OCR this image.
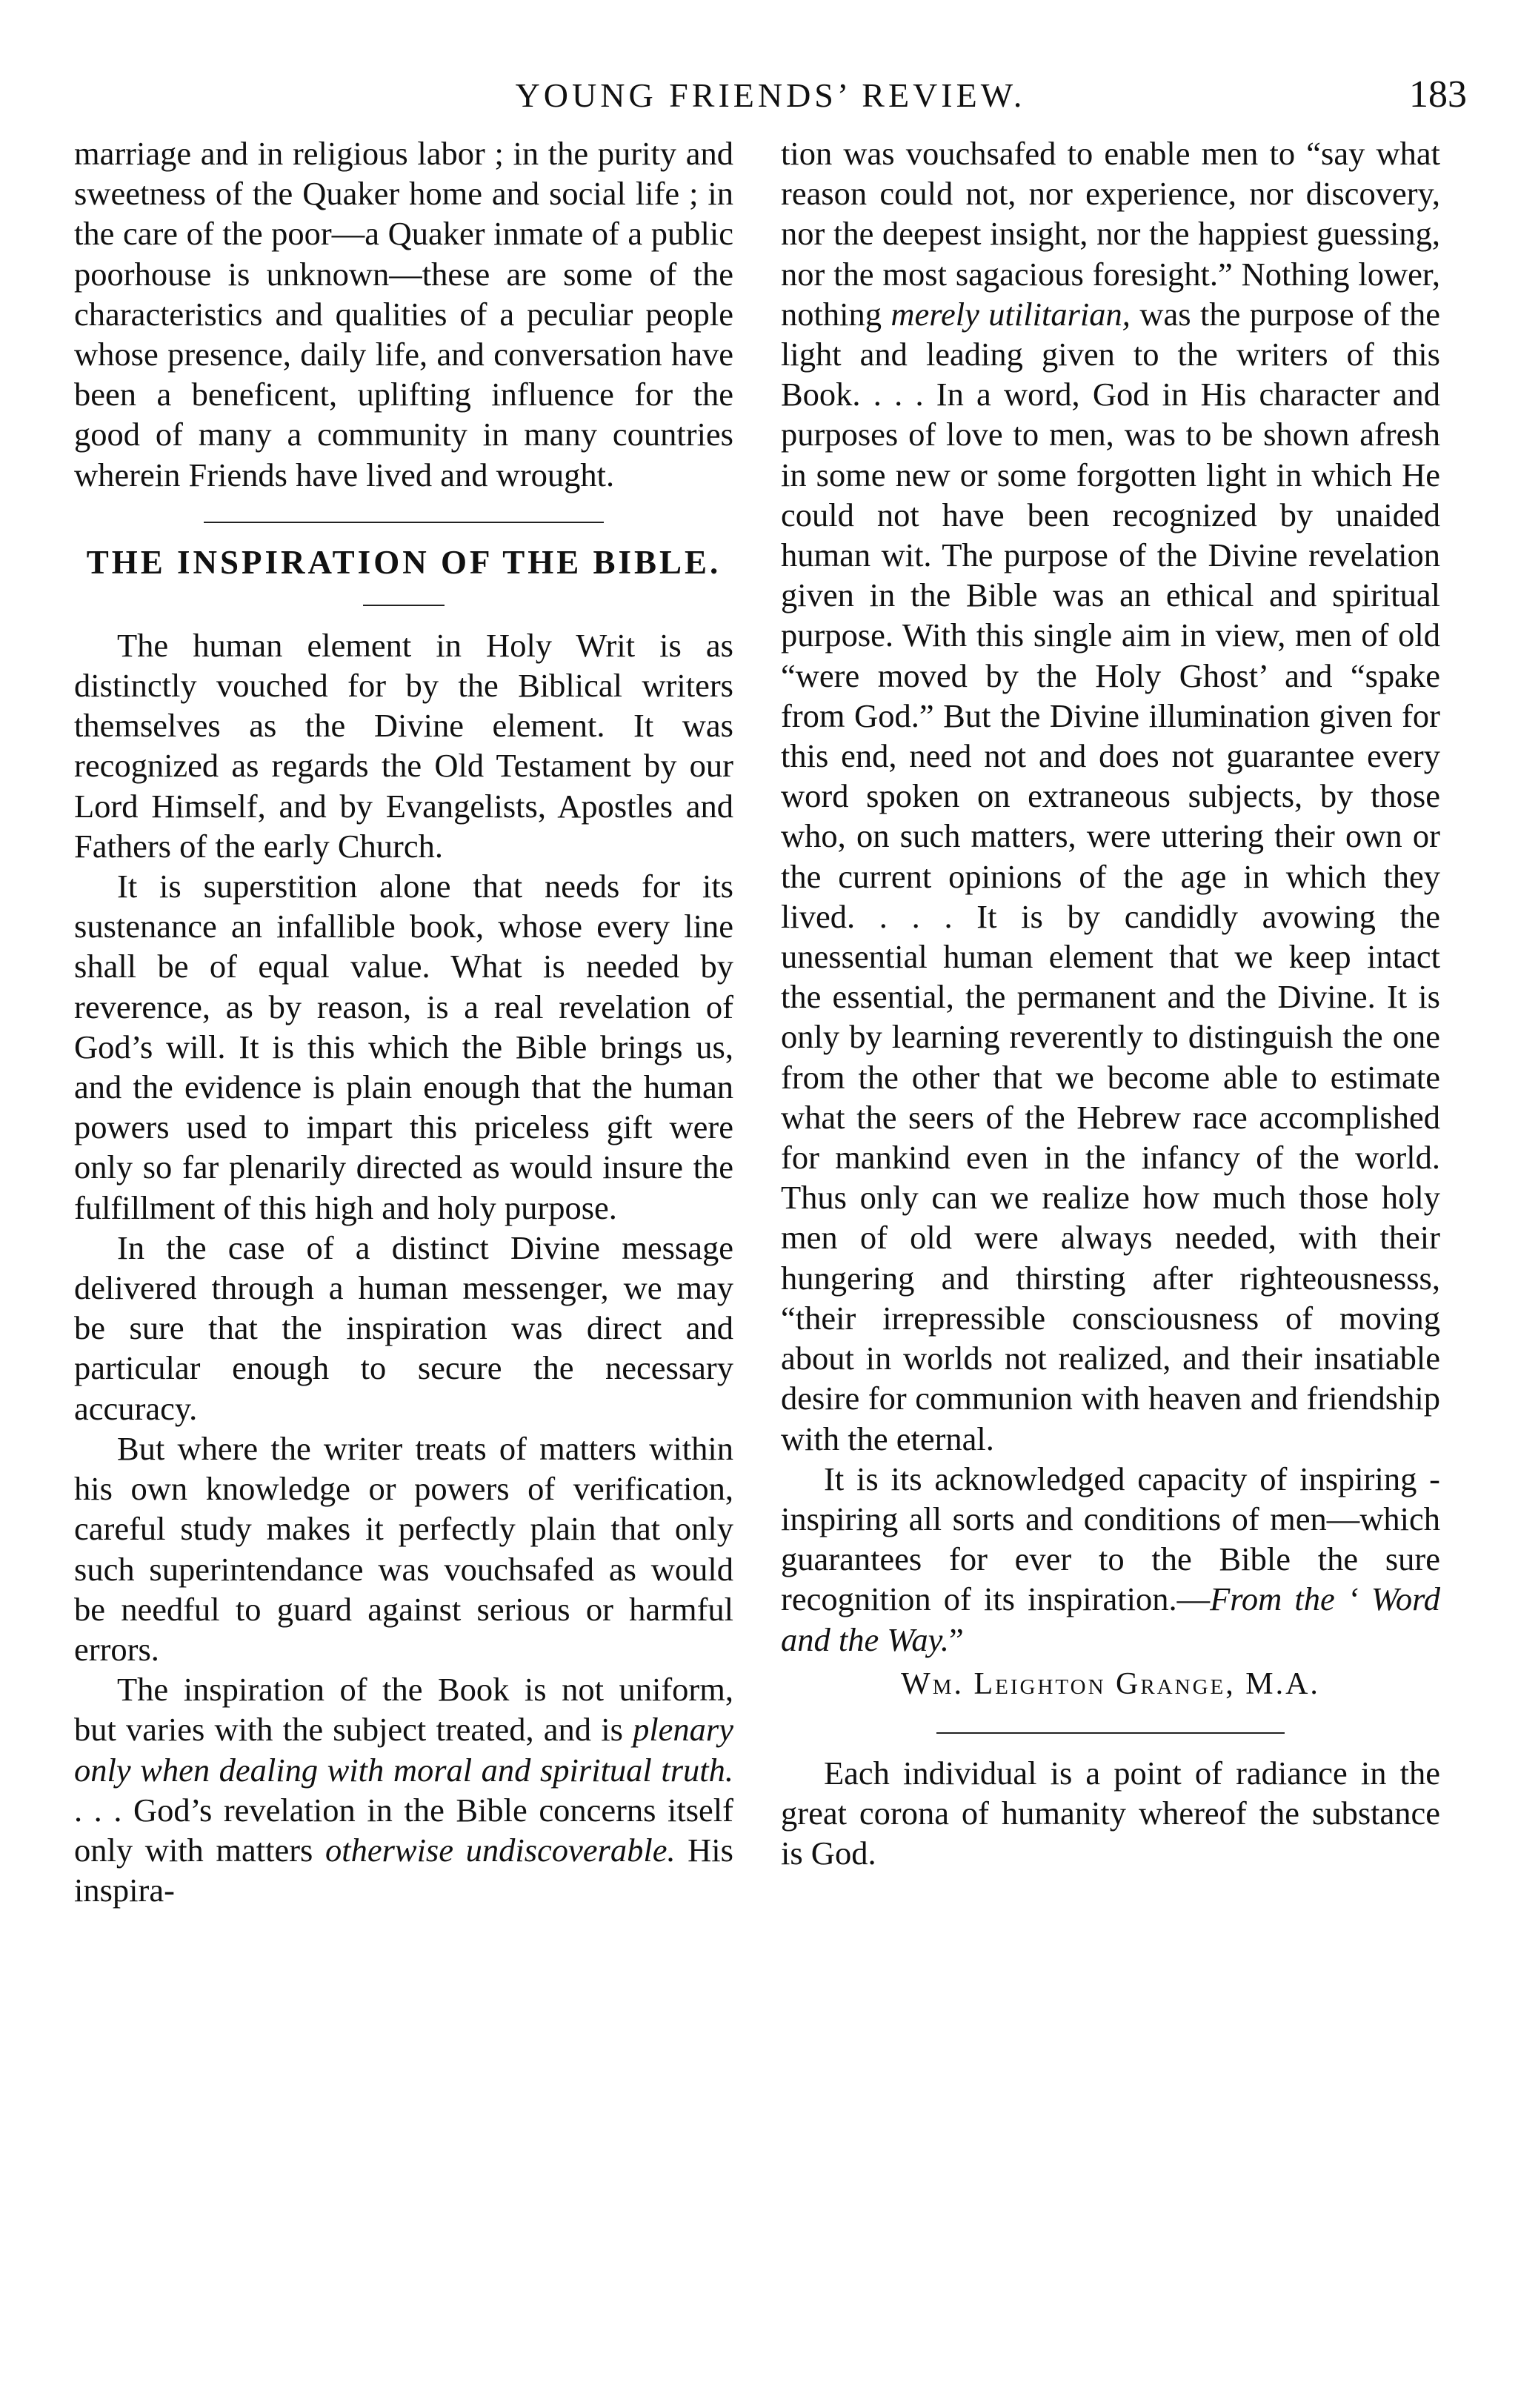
YOUNG FRIENDS’ REVIEW.	183

marriage and in religious labor ; in the purity and sweetness of the Quaker home and social life ; in the care of the poor—a Quaker inmate of a public poorhouse is unknown—these are some of the characteristics and qualities of a peculiar people whose presence, daily life, and conversation have been a beneficent, uplifting influence for the good of many a community in many countries wherein Friends have lived and wrought.

THE INSPIRATION OF THE BIBLE.

The human element in Holy Writ is as distinctly vouched for by the Biblical writers themselves as the Divine element. It was recognized as regards the Old Testament by our Lord Himself, and by Evangelists, Apostles and Fathers of the early Church.

It is superstition alone that needs for its sustenance an infallible book, whose every line shall be of equal value. What is needed by reverence, as by reason, is a real revelation of God’s will. It is this which the Bible brings us, and the evidence is plain enough that the human powers used to impart this priceless gift were only so far plenarily directed as would insure the fulfillment of this high and holy purpose.

In the case of a distinct Divine message delivered through a human messenger, we may be sure that the inspiration was direct and particular enough to secure the necessary accuracy.

But where the writer treats of matters within his own knowledge or powers of verification, careful study makes it perfectly plain that only such superintendance was vouchsafed as would be needful to guard against serious or harmful errors.

The inspiration of the Book is not uniform, but varies with the subject treated, and is plenary only when dealing with moral and spiritual truth. . . . God’s revelation in the Bible concerns itself only with matters otherwise undiscoverable. His inspira-

tion was vouchsafed to enable men to “say what reason could not, nor experience, nor discovery, nor the deepest insight, nor the happiest guessing, nor the most sagacious foresight.” Nothing lower, nothing merely utilitarian, was the purpose of the light and leading given to the writers of this Book. . . . In a word, God in His character and purposes of love to men, was to be shown afresh in some new or some forgotten light in which He could not have been recognized by unaided human wit. The purpose of the Divine revelation given in the Bible was an ethical and spiritual purpose. With this single aim in view, men of old “were moved by the Holy Ghost’ and “spake from God.” But the Divine illumination given for this end, need not and does not guarantee every word spoken on extraneous subjects, by those who, on such matters, were uttering their own or the current opinions of the age in which they lived. . . . It is by candidly avowing the unessential human element that we keep intact the essential, the permanent and the Divine. It is only by learning reverently to distinguish the one from the other that we become able to estimate what the seers of the Hebrew race accomplished for mankind even in the infancy of the world. Thus only can we realize how much those holy men of old were always needed, with their hungering and thirsting after righteousnesss, “their irrepressible consciousness of moving about in worlds not realized, and their insatiable desire for communion with heaven and friendship with the eternal.

It is its acknowledged capacity of inspiring - inspiring all sorts and conditions of men—which guarantees for ever to the Bible the sure recognition of its inspiration.—From the ‘ Word and the Way.”

Wm. Leighton Grange, M.A.

Each individual is a point of radiance in the great corona of humanity whereof the substance is God.
